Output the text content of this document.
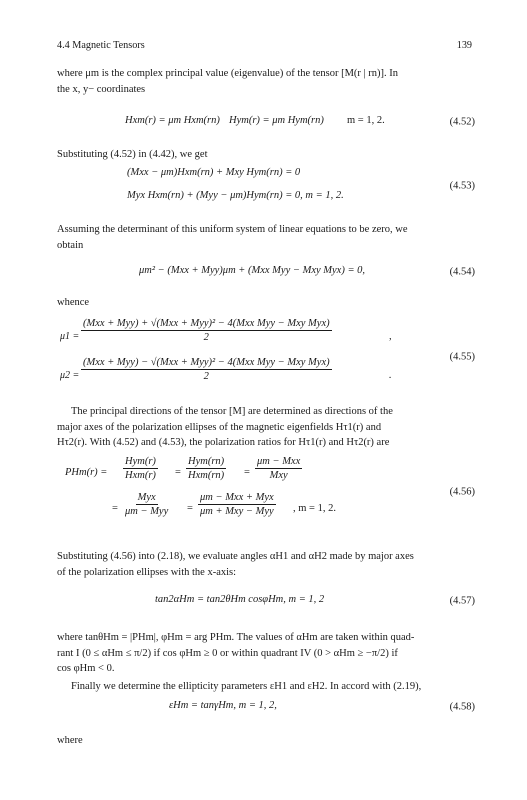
4.4 Magnetic Tensors	139
where μm is the complex principal value (eigenvalue) of the tensor [M(r | rn)]. In
the x, y− coordinates
Hxm(r) = μm Hxm(rn) Hym(r) = μm Hym(rn) m = 1, 2.	(4.52)
Substituting (4.52) in (4.42), we get
(Mxx − μm)Hxm(rn) + Mxy Hym(rn) = 0
Myx Hxm(rn) + (Myy − μm)Hym(rn) = 0, m = 1, 2.
(4.53)
Assuming the determinant of this uniform system of linear equations to be zero, we
obtain
μm² − (Mxx + Myy)μm + (Mxx Myy − Mxy Myx) = 0,	(4.54)
whence
$\mu 1 = \frac{\text{(Mxx + Myy) + √(Mxx + Myy)² − 4(Mxx Myy − Mxy Myx)}}{2}$	,
$\mu 2 = \frac{\text{(Mxx + Myy) − √(Mxx + Myy)² − 4(Mxx Myy − Mxy Myx)}}{2}$	.
(4.55)
The principal directions of the tensor [M] are determined as directions of the
major axes of the polarization ellipses of the magnetic eigenfields Hτ1(r) and
Hτ2(r). With (4.52) and (4.53), the polarization ratios for Hτ1(r) and Hτ2(r) are
$PHm(r) = \frac{\text{Hym(r)}}{\text{Hxm(r)}} = \frac{\text{Hym(rn)}}{\text{Hxm(rn)}} = \frac{\text{μm − Mxx}}{\text{Mxy}}$
= $\frac{\text{Myx}}{\text{μm − Myy}} = \frac{\text{μm − Mxx + Myx}}{\text{μm + Mxy − Myy}}$ , m = 1, 2.
(4.56)
Substituting (4.56) into (2.18), we evaluate angles αH1 and αH2 made by major axes
of the polarization ellipses with the x-axis:
tan2αHm = tan2θHm cosφHm, m = 1, 2	(4.57)
where tanθHm = |PHm|, φHm = arg PHm. The values of αHm are taken within quad-
rant I (0 ≤ αHm ≤ π/2) if cos φHm ≥ 0 or within quadrant IV (0 > αHm ≥ −π/2) if
cos φHm < 0.
Finally we determine the ellipticity parameters εH1 and εH2. In accord with (2.19),
εHm = tanγHm, m = 1, 2,	(4.58)
where
